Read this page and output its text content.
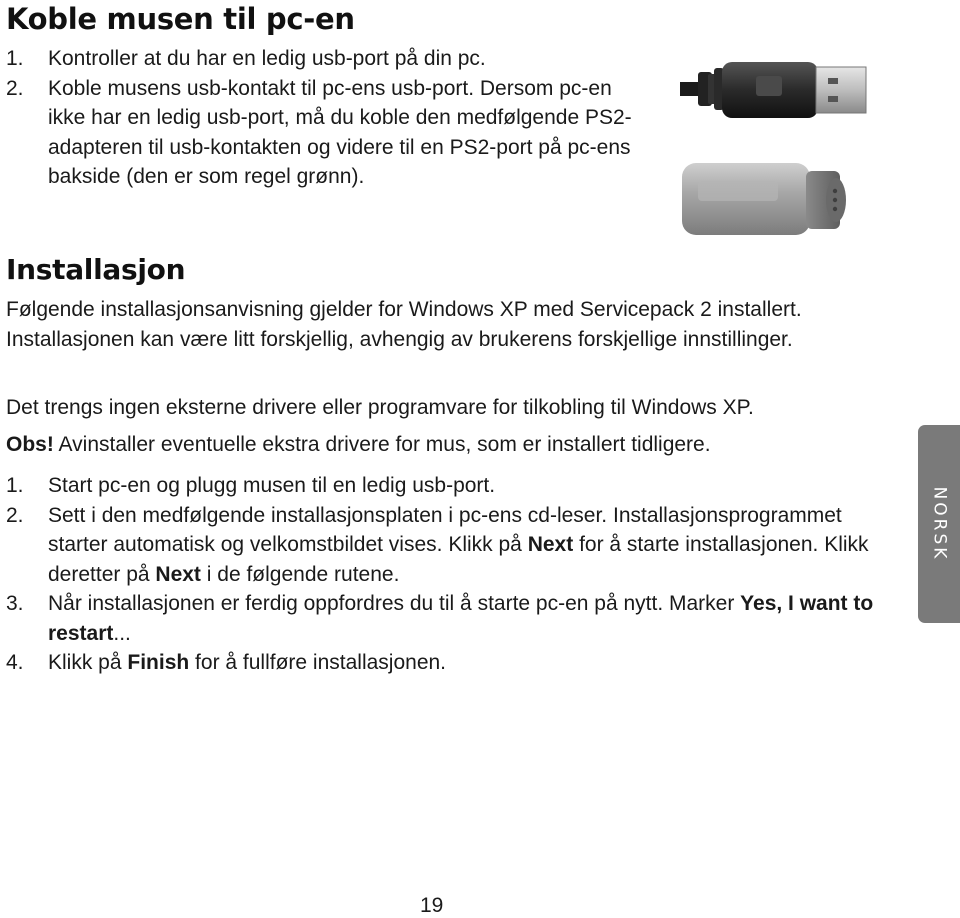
Koble musen til pc-en
1.	Kontroller at du har en ledig usb-port på din pc.
2.	Koble musens usb-kontakt til pc-ens usb-port. Dersom pc-en ikke har en ledig usb-port, må du koble den medfølgende PS2-adapteren til usb-kontakten og videre til en PS2-port på pc-ens bakside (den er som regel grønn).
Installasjon

Følgende installasjonsanvisning gjelder for Windows XP med Servicepack 2 installert. Installasjonen kan være litt forskjellig, avhengig av brukerens forskjellige innstillinger.

Det trengs ingen eksterne drivere eller programvare for tilkobling til Windows XP.

Obs! Avinstaller eventuelle ekstra drivere for mus, som er installert tidligere.

1.	Start pc-en og plugg musen til en ledig usb-port.
2.	Sett i den medfølgende installasjonsplaten i pc-ens cd-leser. Installasjonsprogrammet starter automatisk og velkomstbildet vises. Klikk på Next for å starte installasjonen. Klikk deretter på Next i de følgende rutene.
3.	Når installasjonen er ferdig oppfordres du til å starte pc-en på nytt. Marker Yes, I want to restart...
4.	Klikk på Finish for å fullføre installasjonen.
NORSK
19
